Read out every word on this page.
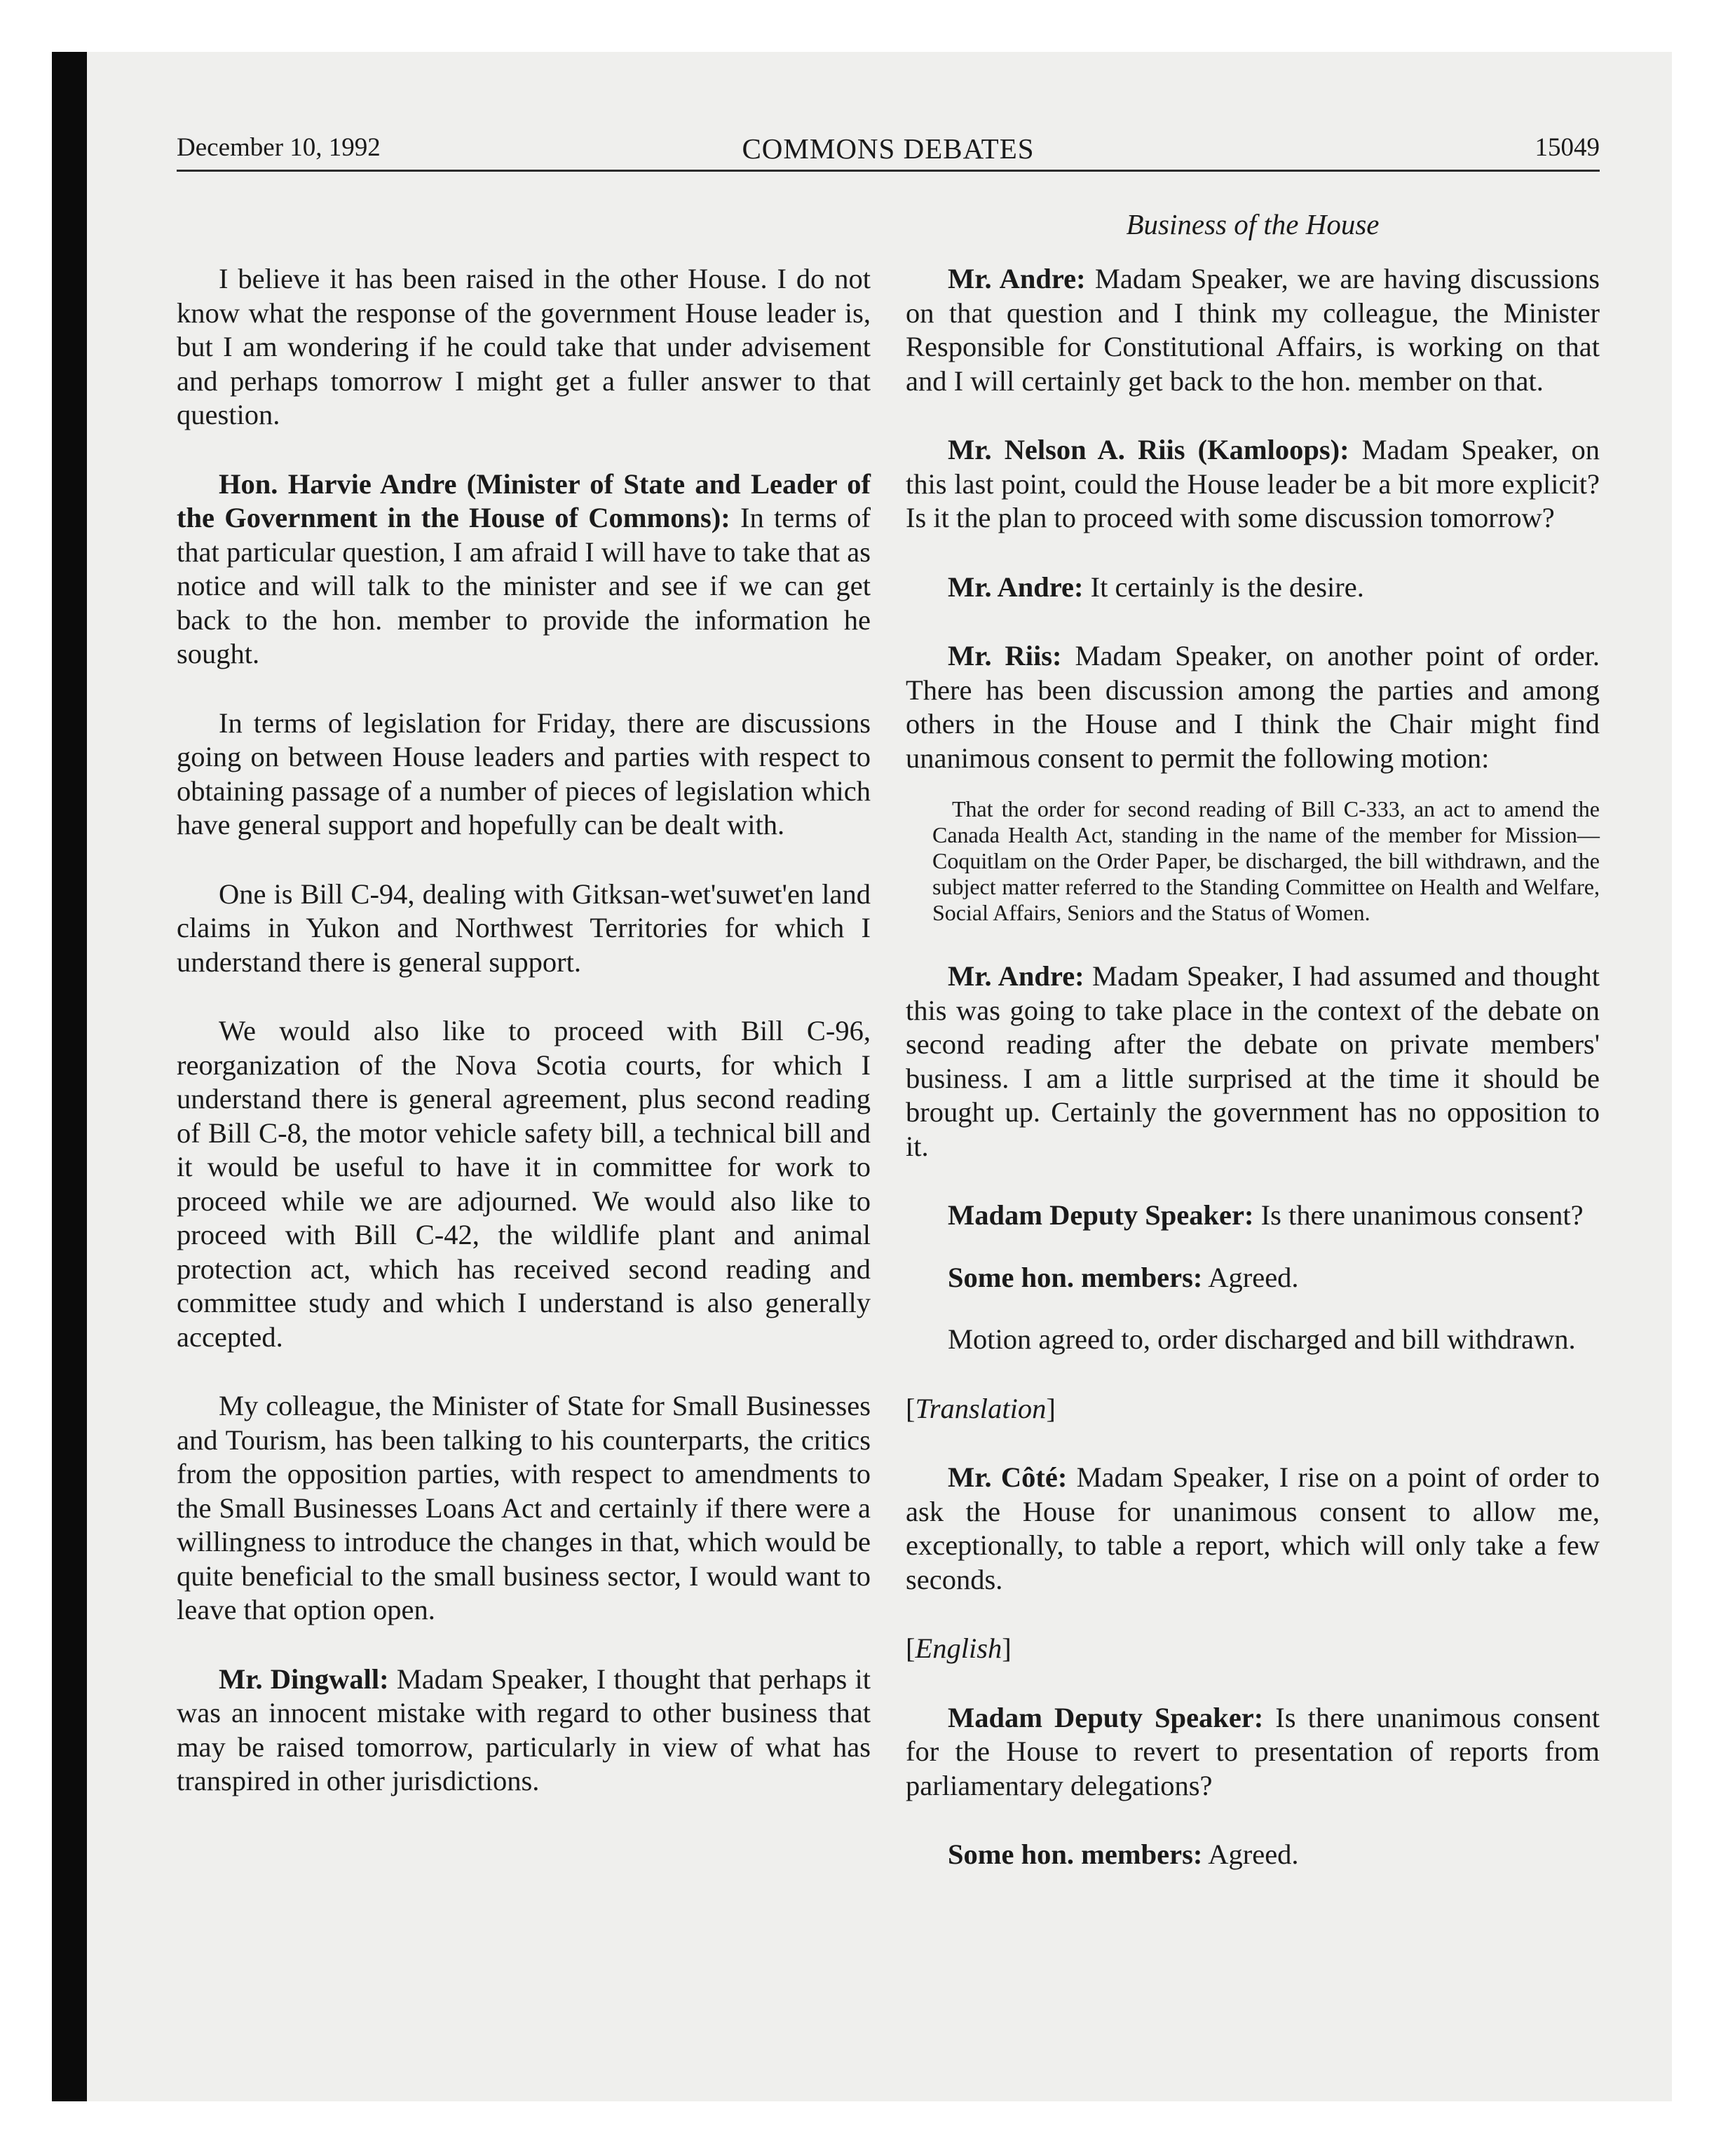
December 10, 1992	COMMONS DEBATES	15049
Business of the House

I believe it has been raised in the other House. I do not know what the response of the government House leader is, but I am wondering if he could take that under advisement and perhaps tomorrow I might get a fuller answer to that question.

Hon. Harvie Andre (Minister of State and Leader of the Government in the House of Commons): In terms of that particular question, I am afraid I will have to take that as notice and will talk to the minister and see if we can get back to the hon. member to provide the information he sought.

In terms of legislation for Friday, there are discussions going on between House leaders and parties with respect to obtaining passage of a number of pieces of legislation which have general support and hopefully can be dealt with.

One is Bill C-94, dealing with Gitksan-wet'suwet'en land claims in Yukon and Northwest Territories for which I understand there is general support.

We would also like to proceed with Bill C-96, reorganization of the Nova Scotia courts, for which I understand there is general agreement, plus second reading of Bill C-8, the motor vehicle safety bill, a technical bill and it would be useful to have it in committee for work to proceed while we are adjourned. We would also like to proceed with Bill C-42, the wildlife plant and animal protection act, which has received second reading and committee study and which I understand is also generally accepted.

My colleague, the Minister of State for Small Businesses and Tourism, has been talking to his counterparts, the critics from the opposition parties, with respect to amendments to the Small Businesses Loans Act and certainly if there were a willingness to introduce the changes in that, which would be quite beneficial to the small business sector, I would want to leave that option open.

Mr. Dingwall: Madam Speaker, I thought that perhaps it was an innocent mistake with regard to other business that may be raised tomorrow, particularly in view of what has transpired in other jurisdictions.

Mr. Andre: Madam Speaker, we are having discussions on that question and I think my colleague, the Minister Responsible for Constitutional Affairs, is working on that and I will certainly get back to the hon. member on that.

Mr. Nelson A. Riis (Kamloops): Madam Speaker, on this last point, could the House leader be a bit more explicit? Is it the plan to proceed with some discussion tomorrow?

Mr. Andre: It certainly is the desire.

Mr. Riis: Madam Speaker, on another point of order. There has been discussion among the parties and among others in the House and I think the Chair might find unanimous consent to permit the following motion:

That the order for second reading of Bill C-333, an act to amend the Canada Health Act, standing in the name of the member for Mission—Coquitlam on the Order Paper, be discharged, the bill withdrawn, and the subject matter referred to the Standing Committee on Health and Welfare, Social Affairs, Seniors and the Status of Women.

Mr. Andre: Madam Speaker, I had assumed and thought this was going to take place in the context of the debate on second reading after the debate on private members' business. I am a little surprised at the time it should be brought up. Certainly the government has no opposition to it.

Madam Deputy Speaker: Is there unanimous consent?

Some hon. members: Agreed.

Motion agreed to, order discharged and bill withdrawn.

[Translation]

Mr. Côté: Madam Speaker, I rise on a point of order to ask the House for unanimous consent to allow me, exceptionally, to table a report, which will only take a few seconds.

[English]

Madam Deputy Speaker: Is there unanimous consent for the House to revert to presentation of reports from parliamentary delegations?

Some hon. members: Agreed.
